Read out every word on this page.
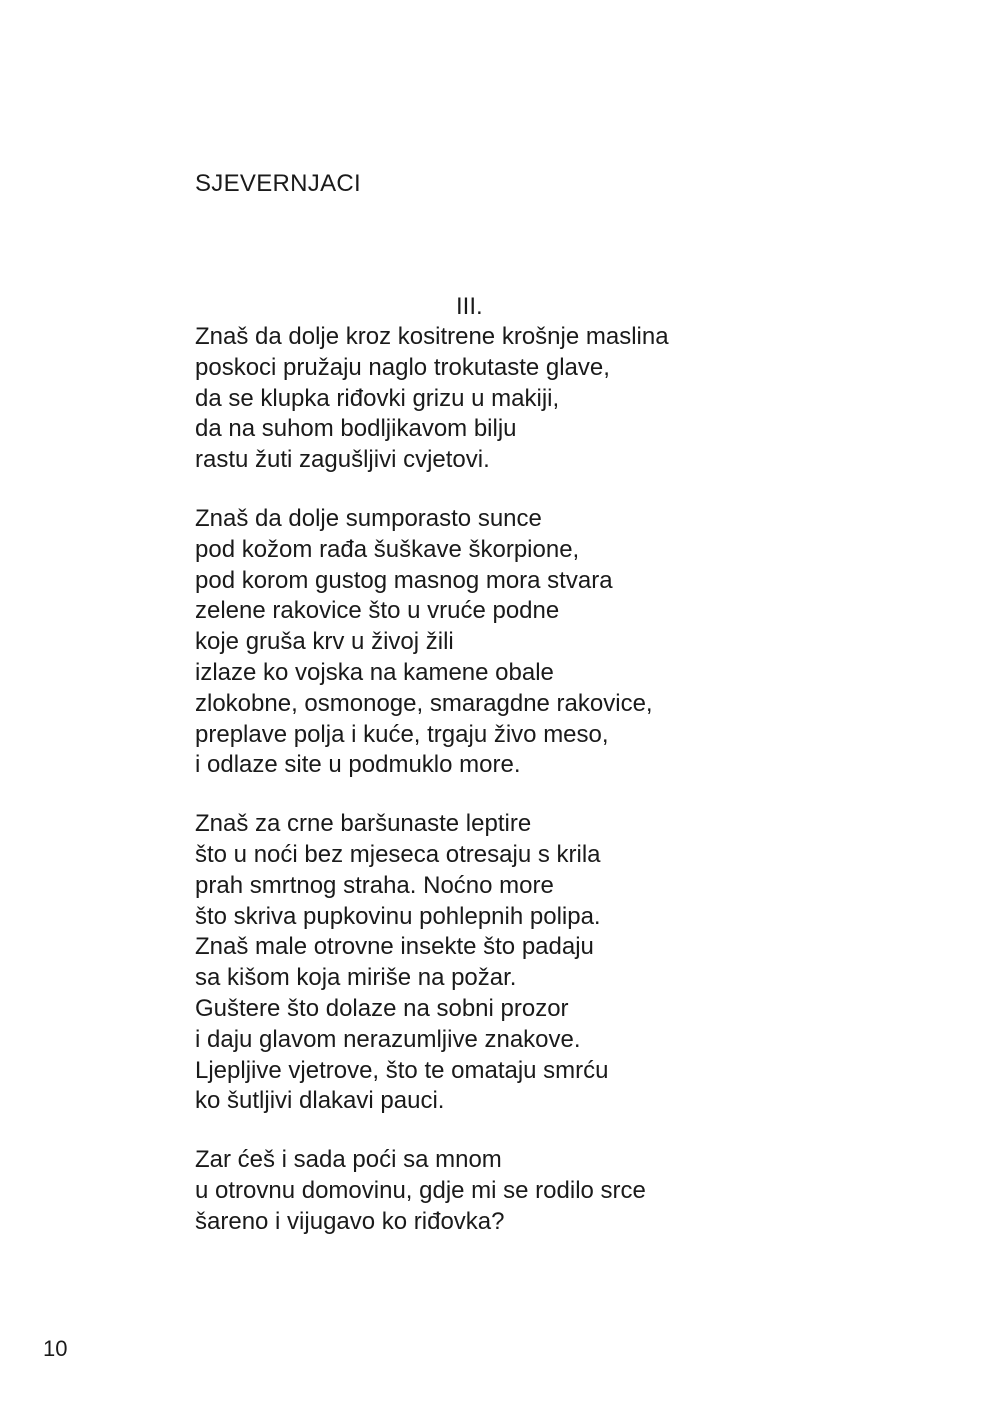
SJEVERNJACI
III.
Znaš da dolje kroz kositrene krošnje maslina
poskoci pružaju naglo trokutaste glave,
da se klupka riđovki grizu u makiji,
da na suhom bodljikavom bilju
rastu žuti zagušljivi cvjetovi.
Znaš da dolje sumporasto sunce
pod kožom rađa šuškave škorpione,
pod korom gustog masnog mora stvara
zelene rakovice što u vruće podne
koje gruša krv u živoj žili
izlaze ko vojska na kamene obale
zlokobne, osmonoge, smaragdne rakovice,
preplave polja i kuće, trgaju živo meso,
i odlaze site u podmuklo more.
Znaš za crne baršunaste leptire
što u noći bez mjeseca otresaju s krila
prah smrtnog straha. Noćno more
što skriva pupkovinu pohlepnih polipa.
Znaš male otrovne insekte što padaju
sa kišom koja miriše na požar.
Guštere što dolaze na sobni prozor
i daju glavom nerazumljive znakove.
Ljepljive vjetrove, što te omataju smrću
ko šutljivi dlakavi pauci.
Zar ćeš i sada poći sa mnom
u otrovnu domovinu, gdje mi se rodilo srce
šareno i vijugavo ko riđovka?
10
